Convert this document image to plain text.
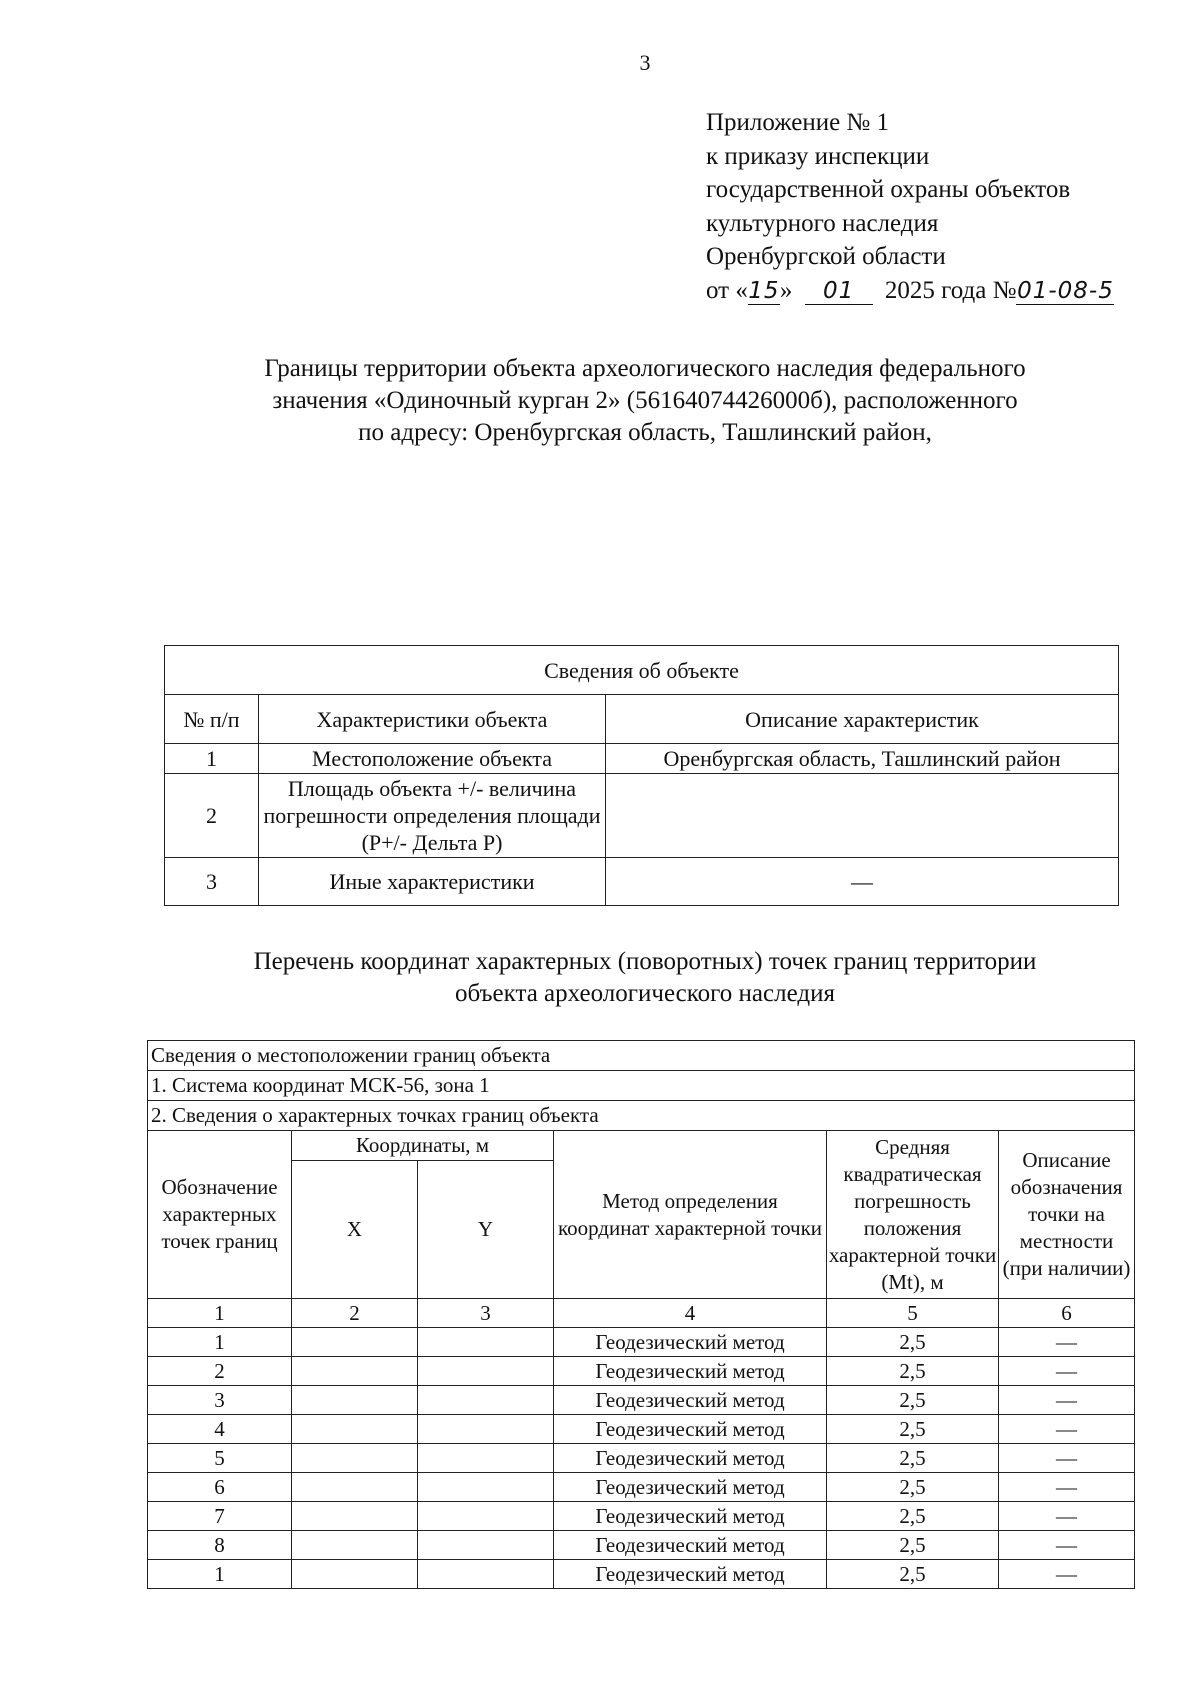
3
Приложение № 1
к приказу инспекции
государственной охраны объектов
культурного наследия
Оренбургской области
от «15» 01 2025 года №01-08-5
Границы территории объекта археологического наследия федерального
значения «Одиночный курган 2» (56164074426000б), расположенного
по адресу: Оренбургская область, Ташлинский район,
Сведения об объекте		
№ п/п	Характеристики объекта	Описание характеристик
1	Местоположение объекта	Оренбургская область, Ташлинский район
2	Площадь объекта +/- величина погрешности определения площади (Р+/- Дельта Р)	
3	Иные характеристики	—
Перечень координат характерных (поворотных) точек границ территории
объекта археологического наследия
Сведения о местоположении границ объекта					
1. Система координат МСК-56, зона 1					
2. Сведения о характерных точках границ объекта					
Обозначение характерных точек границ	Координаты, м		Метод определения координат характерной точки	Средняя квадратическая погрешность положения характерной точки (Mt), м	Описание обозначения точки на местности (при наличии)
	X	Y			
1	2	3	4	5	6
1			Геодезический метод	2,5	—
2			Геодезический метод	2,5	—
3			Геодезический метод	2,5	—
4			Геодезический метод	2,5	—
5			Геодезический метод	2,5	—
6			Геодезический метод	2,5	—
7			Геодезический метод	2,5	—
8			Геодезический метод	2,5	—
1			Геодезический метод	2,5	—
